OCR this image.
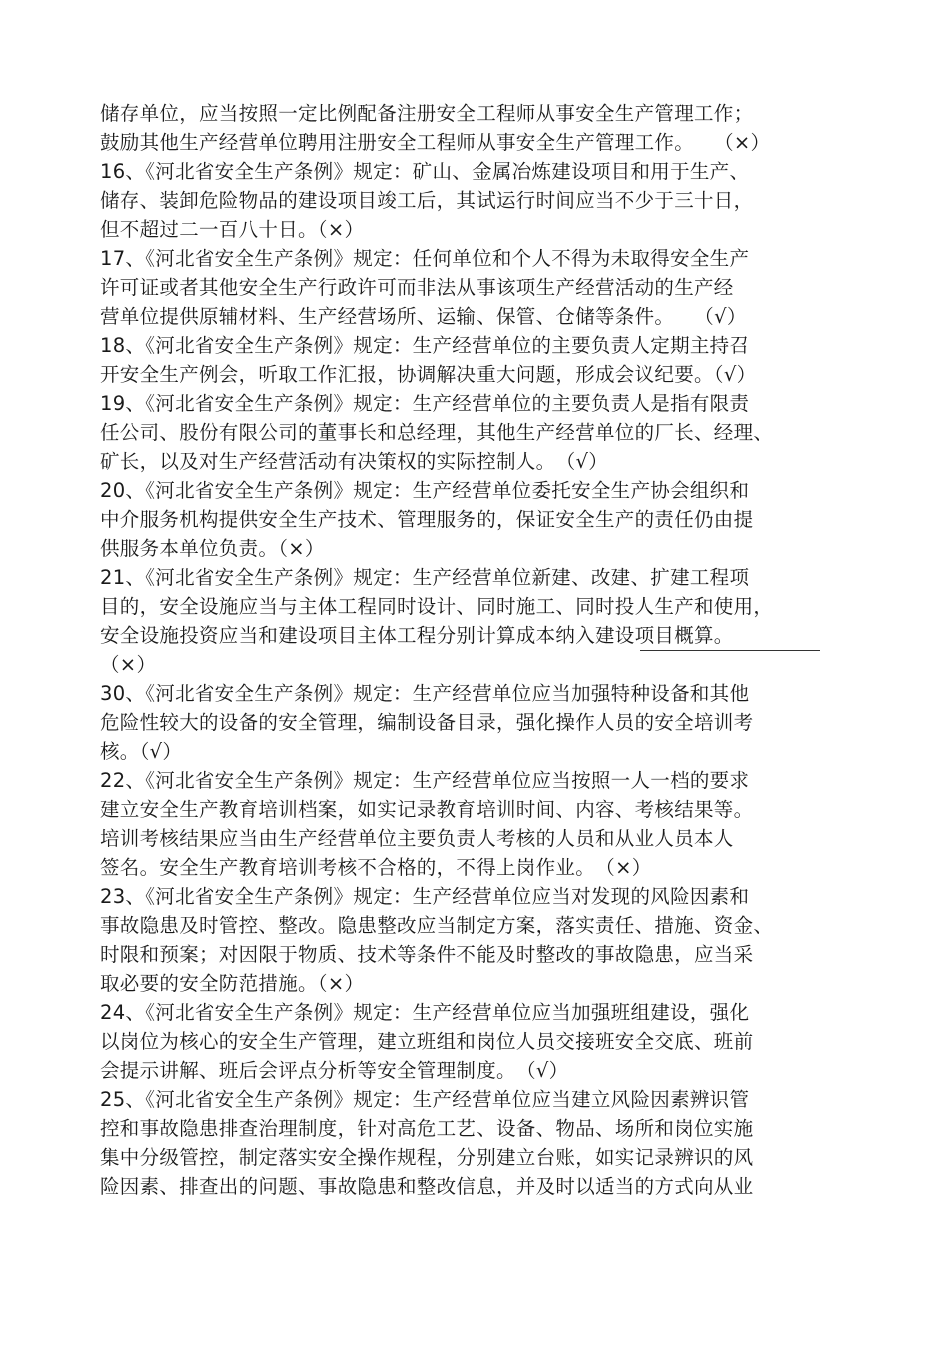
储存单位，应当按照一定比例配备注册安全工程师从事安全生产管理工作；
鼓励其他生产经营单位聘用注册安全工程师从事安全生产管理工作。　　（×）
16、《河北省安全生产条例》规定：矿山、金属冶炼建设项目和用于生产、
储存、装卸危险物品的建设项目竣工后，其试运行时间应当不少于三十日，
但不超过二一百八十日。（×）
17、《河北省安全生产条例》规定：任何单位和个人不得为未取得安全生产
许可证或者其他安全生产行政许可而非法从事该项生产经营活动的生产经
营单位提供原辅材料、生产经营场所、运输、保管、仓储等条件。　　（√）
18、《河北省安全生产条例》规定：生产经营单位的主要负责人定期主持召
开安全生产例会，听取工作汇报，协调解决重大问题，形成会议纪要。（√）
19、《河北省安全生产条例》规定：生产经营单位的主要负责人是指有限责
任公司、股份有限公司的董事长和总经理，其他生产经营单位的厂长、经理、
矿长，以及对生产经营活动有决策权的实际控制人。　（√）
20、《河北省安全生产条例》规定：生产经营单位委托安全生产协会组织和
中介服务机构提供安全生产技术、管理服务的，保证安全生产的责任仍由提
供服务本单位负责。（×）
21、《河北省安全生产条例》规定：生产经营单位新建、改建、扩建工程项
目的，安全设施应当与主体工程同时设计、同时施工、同时投人生产和使用，
安全设施投资应当和建设项目主体工程分别计算成本纳入建设项目概算。
（×）
30、《河北省安全生产条例》规定：生产经营单位应当加强特种设备和其他
危险性较大的设备的安全管理，编制设备目录，强化操作人员的安全培训考
核。（√）
22、《河北省安全生产条例》规定：生产经营单位应当按照一人一档的要求
建立安全生产教育培训档案，如实记录教育培训时间、内容、考核结果等。
培训考核结果应当由生产经营单位主要负责人考核的人员和从业人员本人
签名。安全生产教育培训考核不合格的，不得上岗作业。　（×）
23、《河北省安全生产条例》规定：生产经营单位应当对发现的风险因素和
事故隐患及时管控、整改。隐患整改应当制定方案，落实责任、措施、资金、
时限和预案；对因限于物质、技术等条件不能及时整改的事故隐患，应当采
取必要的安全防范措施。（×）
24、《河北省安全生产条例》规定：生产经营单位应当加强班组建设，强化
以岗位为核心的安全生产管理，建立班组和岗位人员交接班安全交底、班前
会提示讲解、班后会评点分析等安全管理制度。　（√）
25、《河北省安全生产条例》规定：生产经营单位应当建立风险因素辨识管
控和事故隐患排查治理制度，针对高危工艺、设备、物品、场所和岗位实施
集中分级管控，制定落实安全操作规程，分别建立台账，如实记录辨识的风
险因素、排查出的问题、事故隐患和整改信息，并及时以适当的方式向从业
